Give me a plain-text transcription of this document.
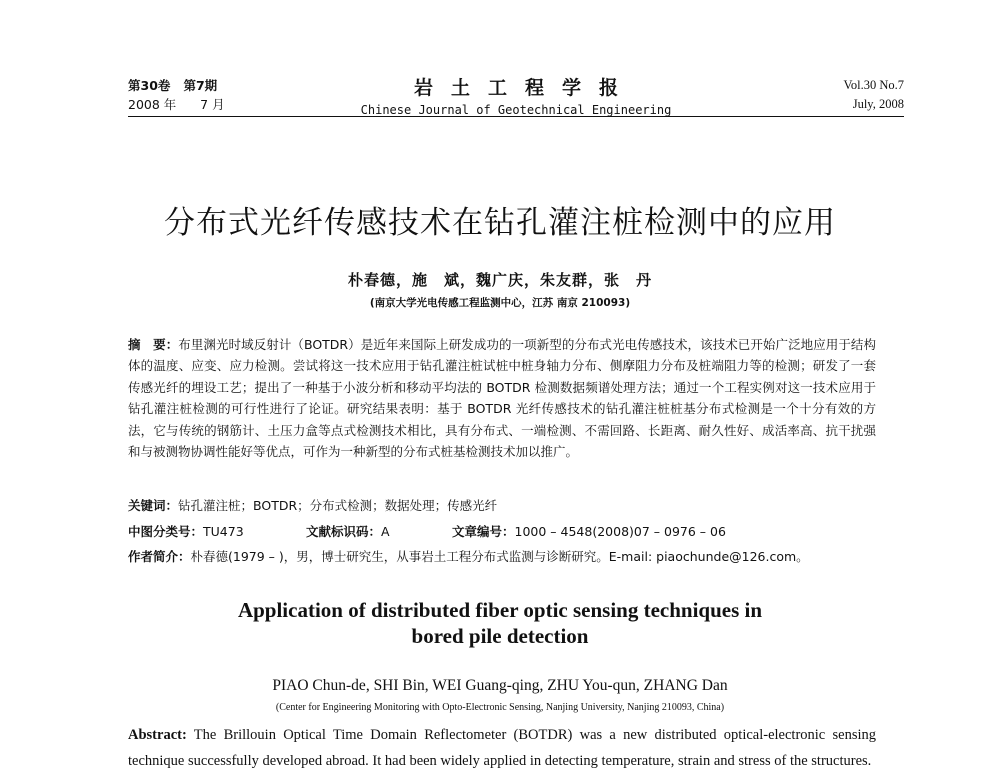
第30卷 第7期
2008 年 7 月
岩土工程学报
Chinese Journal of Geotechnical Engineering
Vol.30 No.7
July, 2008
分布式光纤传感技术在钻孔灌注桩检测中的应用
朴春德，施　斌，魏广庆，朱友群，张　丹
(南京大学光电传感工程监测中心，江苏 南京 210093)
摘　要：布里渊光时域反射计（BOTDR）是近年来国际上研发成功的一项新型的分布式光电传感技术，该技术已开始广泛地应用于结构体的温度、应变、应力检测。尝试将这一技术应用于钻孔灌注桩试桩中桩身轴力分布、侧摩阻力分布及桩端阻力等的检测；研发了一套传感光纤的埋设工艺；提出了一种基于小波分析和移动平均法的 BOTDR 检测数据频谱处理方法；通过一个工程实例对这一技术应用于钻孔灌注桩检测的可行性进行了论证。研究结果表明：基于 BOTDR 光纤传感技术的钻孔灌注桩桩基分布式检测是一个十分有效的方法，它与传统的钢筋计、土压力盒等点式检测技术相比，具有分布式、一端检测、不需回路、长距离、耐久性好、成活率高、抗干扰强和与被测物协调性能好等优点，可作为一种新型的分布式桩基检测技术加以推广。
关键词：钻孔灌注桩；BOTDR；分布式检测；数据处理；传感光纤
中图分类号：TU473	文献标识码：A	文章编号：1000 – 4548(2008)07 – 0976 – 06
作者简介：朴春德(1979 – )，男，博士研究生，从事岩土工程分布式监测与诊断研究。E-mail: piaochunde@126.com。
Application of distributed fiber optic sensing techniques in
bored pile detection
PIAO Chun-de, SHI Bin, WEI Guang-qing, ZHU You-qun, ZHANG Dan
(Center for Engineering Monitoring with Opto-Electronic Sensing, Nanjing University, Nanjing 210093, China)
Abstract: The Brillouin Optical Time Domain Reflectometer (BOTDR) was a new distributed optical-electronic sensing technique successfully developed abroad. It had been widely applied in detecting temperature, strain and stress of the structures.
